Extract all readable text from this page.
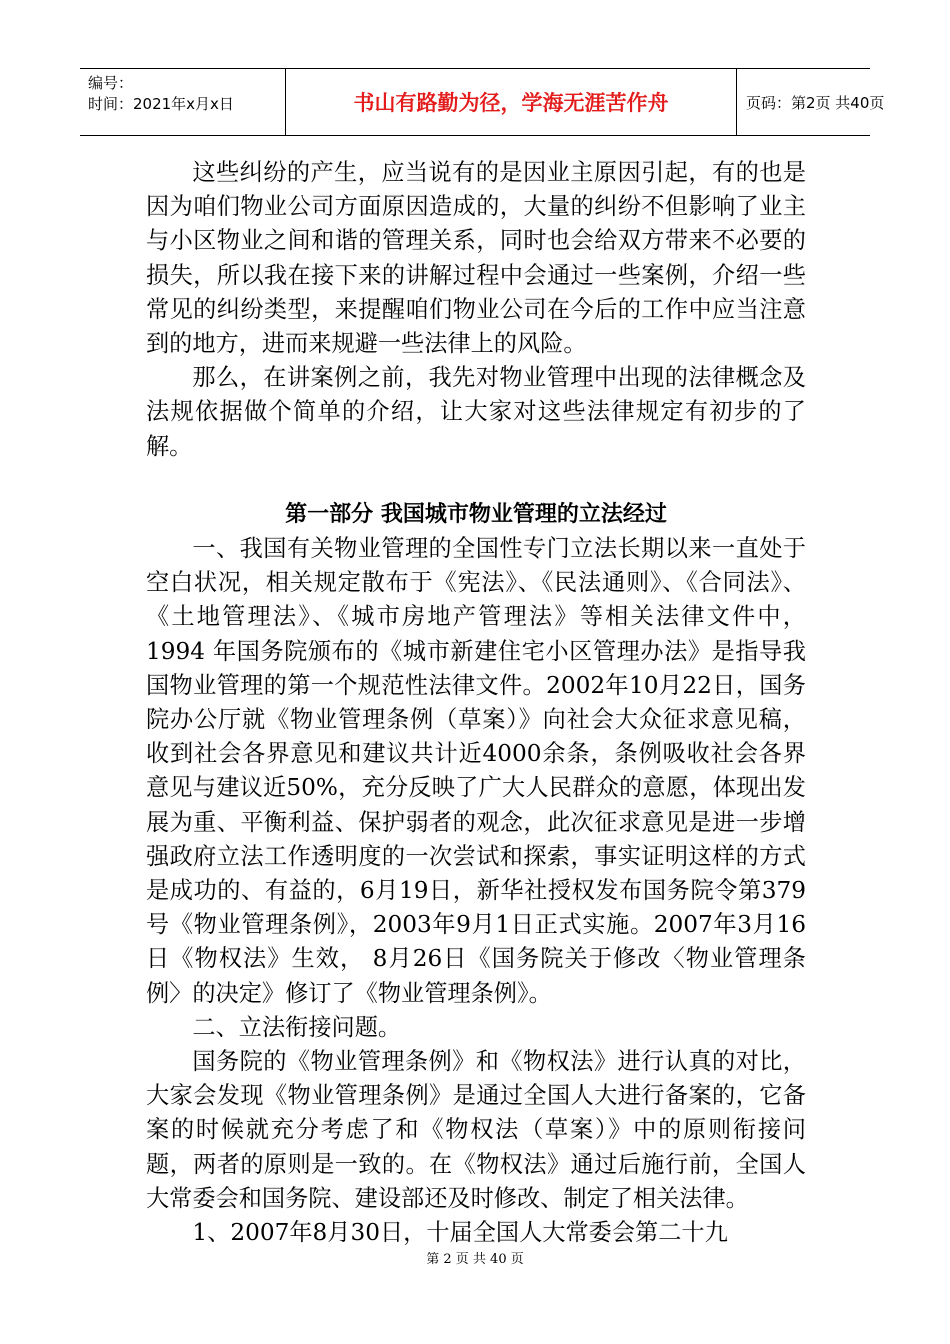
编号：
时间：2021年x月x日	书山有路勤为径，学海无涯苦作舟	页码：第2页 共40页

这些纠纷的产生，应当说有的是因业主原因引起，有的也是因为咱们物业公司方面原因造成的，大量的纠纷不但影响了业主与小区物业之间和谐的管理关系，同时也会给双方带来不必要的损失，所以我在接下来的讲解过程中会通过一些案例，介绍一些常见的纠纷类型，来提醒咱们物业公司在今后的工作中应当注意到的地方，进而来规避一些法律上的风险。

那么，在讲案例之前，我先对物业管理中出现的法律概念及法规依据做个简单的介绍，让大家对这些法律规定有初步的了解。

第一部分 我国城市物业管理的立法经过

一、我国有关物业管理的全国性专门立法长期以来一直处于空白状况，相关规定散布于《宪法》、《民法通则》、《合同法》、《土地管理法》、《城市房地产管理法》等相关法律文件中， 1994 年国务院颁布的《城市新建住宅小区管理办法》是指导我国物业管理的第一个规范性法律文件。2002年10月22日，国务院办公厅就《物业管理条例（草案）》向社会大众征求意见稿，收到社会各界意见和建议共计近4000余条，条例吸收社会各界意见与建议近50%，充分反映了广大人民群众的意愿，体现出发展为重、平衡利益、保护弱者的观念，此次征求意见是进一步增强政府立法工作透明度的一次尝试和探索，事实证明这样的方式是成功的、有益的，6月19日，新华社授权发布国务院令第379号《物业管理条例》，2003年9月1日正式实施。2007年3月16日《物权法》生效， 8月26日《国务院关于修改〈物业管理条例〉的决定》修订了《物业管理条例》。

二、立法衔接问题。

国务院的《物业管理条例》和《物权法》进行认真的对比，大家会发现《物业管理条例》是通过全国人大进行备案的，它备案的时候就充分考虑了和《物权法（草案）》中的原则衔接问题，两者的原则是一致的。在《物权法》通过后施行前，全国人大常委会和国务院、建设部还及时修改、制定了相关法律。

1、2007年8月30日，十届全国人大常委会第二十九

第 2 页 共 40 页
